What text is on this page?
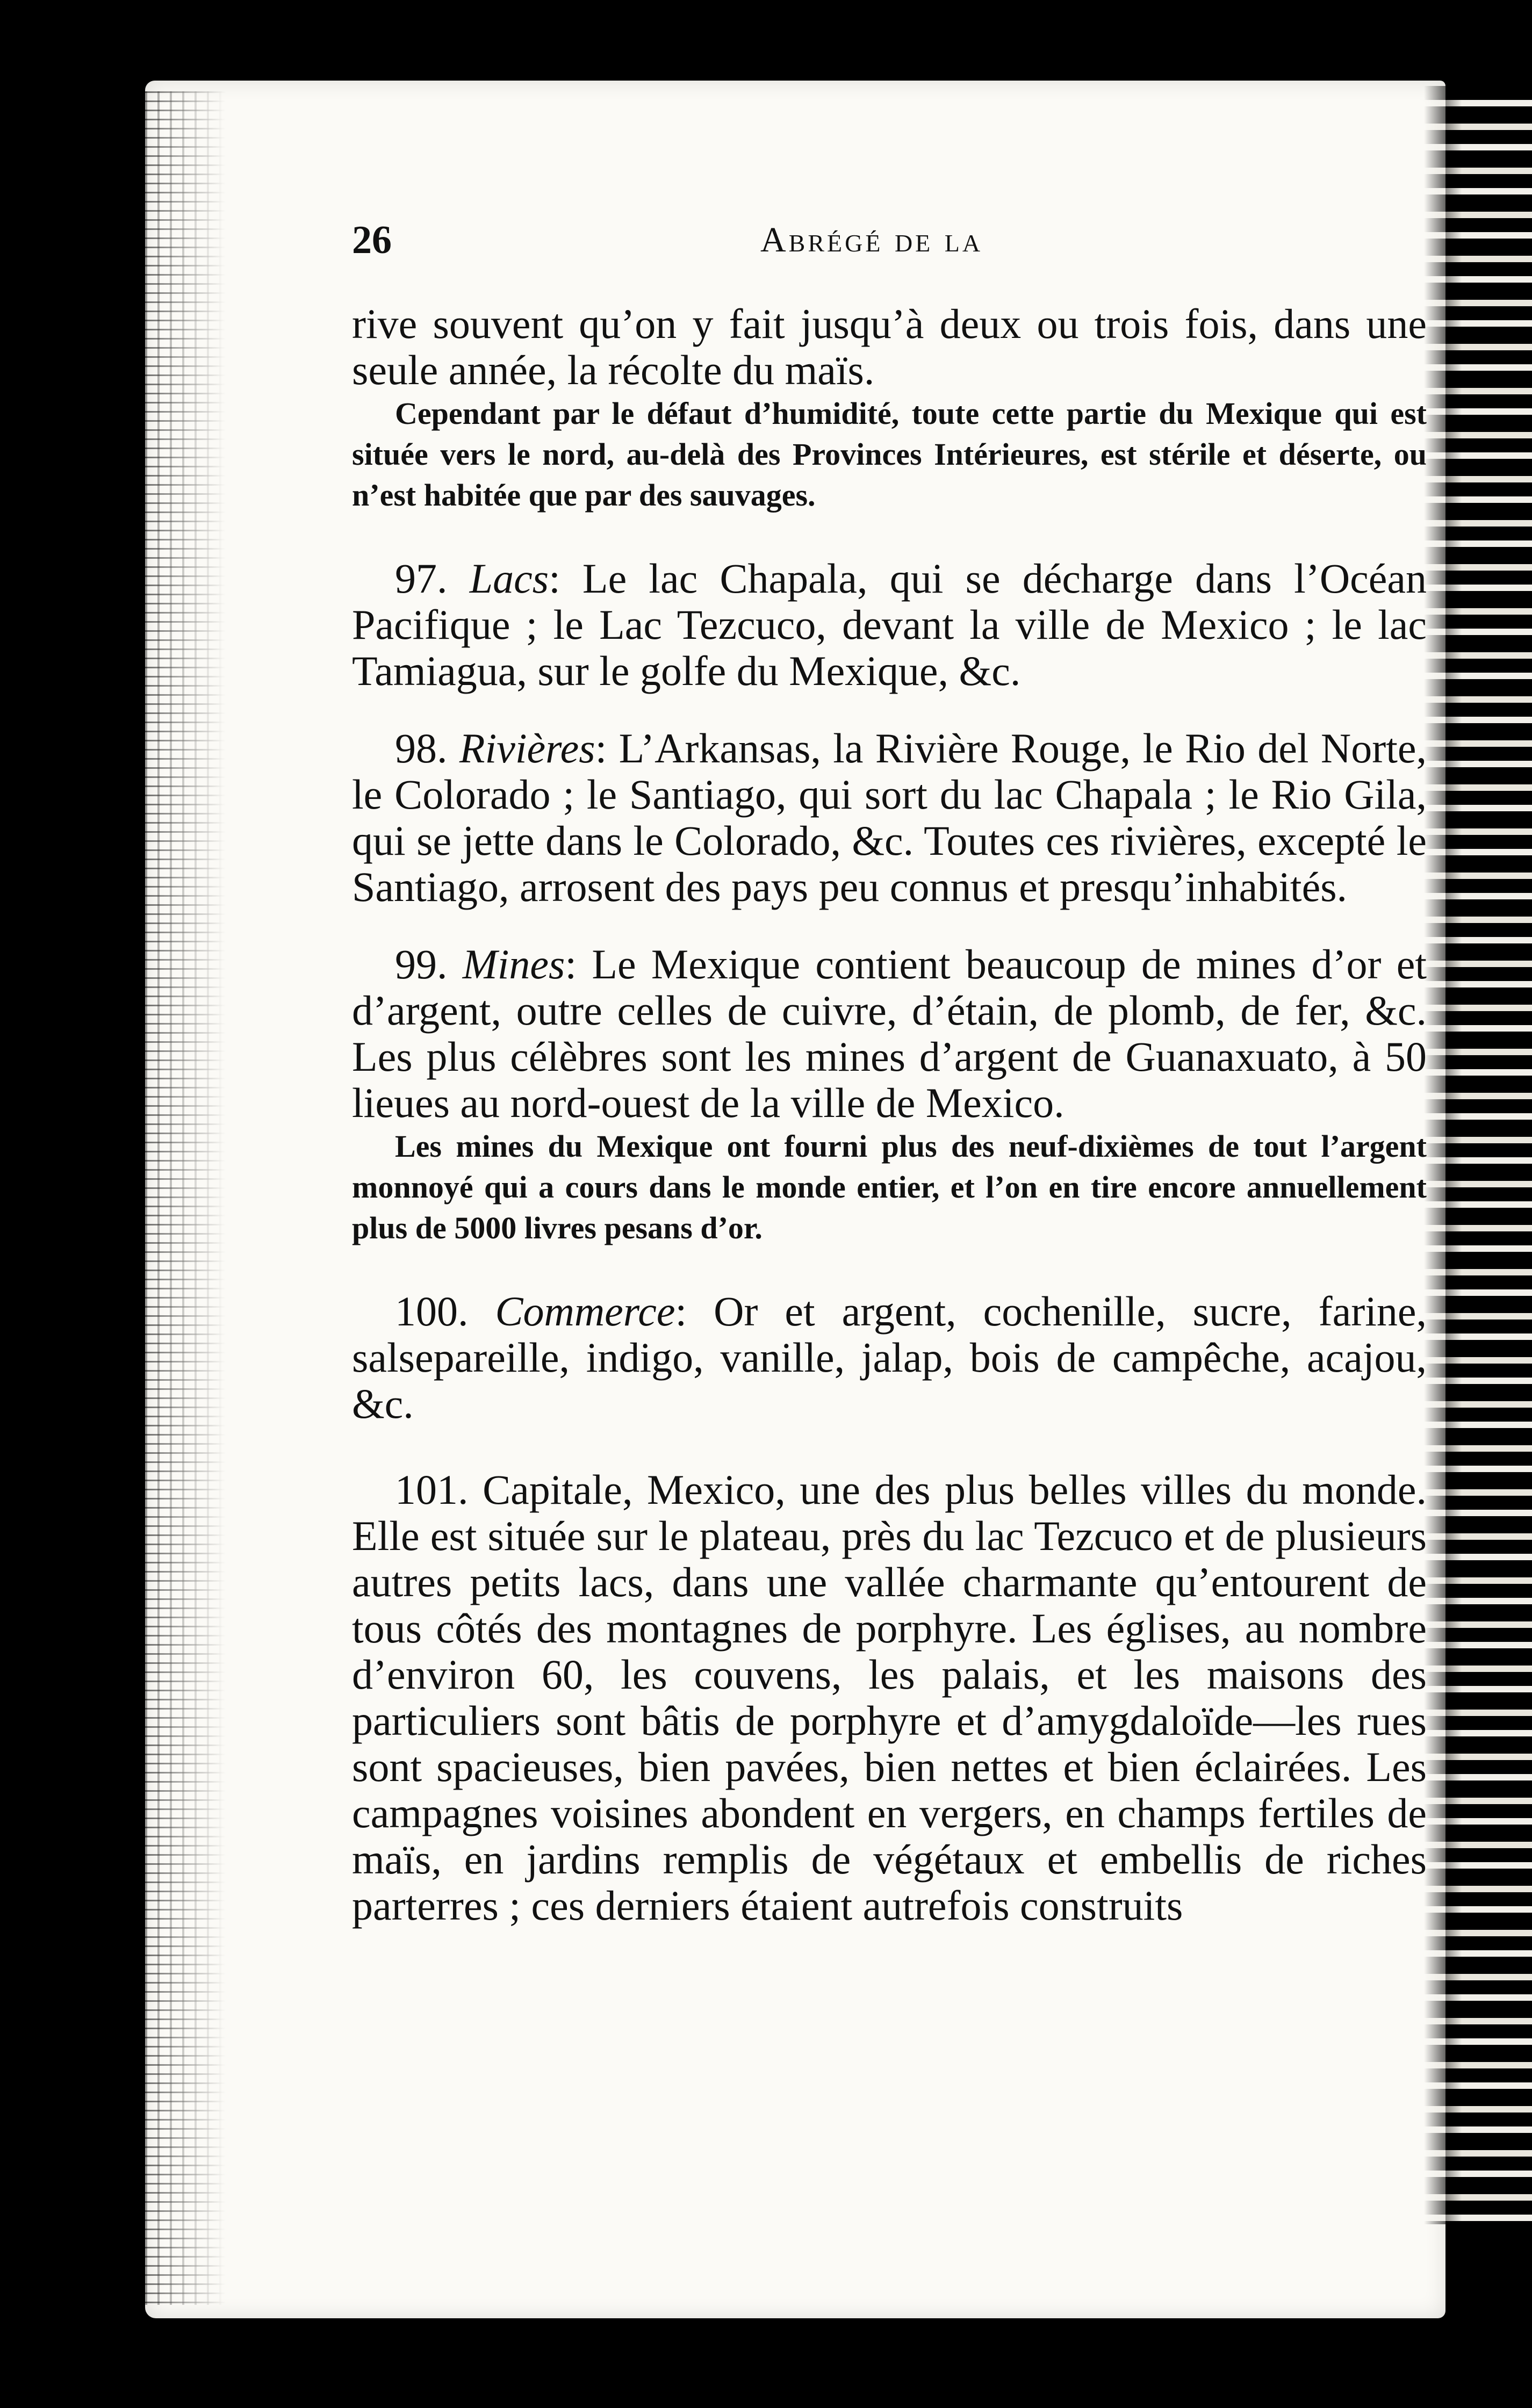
26	Abrégé de la

rive souvent qu’on y fait jusqu’à deux ou trois fois, dans une seule année, la récolte du maïs.

Cependant par le défaut d’humidité, toute cette partie du Mexique qui est située vers le nord, au-delà des Provinces Intérieures, est stérile et déserte, ou n’est habitée que par des sauvages.

97. Lacs: Le lac Chapala, qui se décharge dans l’Océan Pacifique ; le Lac Tezcuco, devant la ville de Mexico ; le lac Tamiagua, sur le golfe du Mexique, &c.

98. Rivières: L’Arkansas, la Rivière Rouge, le Rio del Norte, le Colorado ; le Santiago, qui sort du lac Chapala ; le Rio Gila, qui se jette dans le Colorado, &c. Toutes ces rivières, excepté le Santiago, arrosent des pays peu connus et presqu’inhabités.

99. Mines: Le Mexique contient beaucoup de mines d’or et d’argent, outre celles de cuivre, d’étain, de plomb, de fer, &c. Les plus célèbres sont les mines d’argent de Guanaxuato, à 50 lieues au nord-ouest de la ville de Mexico.

Les mines du Mexique ont fourni plus des neuf-dixièmes de tout l’argent monnoyé qui a cours dans le monde entier, et l’on en tire encore annuellement plus de 5000 livres pesans d’or.

100. Commerce: Or et argent, cochenille, sucre, farine, salsepareille, indigo, vanille, jalap, bois de campêche, acajou, &c.

101. Capitale, Mexico, une des plus belles villes du monde. Elle est située sur le plateau, près du lac Tezcuco et de plusieurs autres petits lacs, dans une vallée charmante qu’entourent de tous côtés des montagnes de porphyre. Les églises, au nombre d’environ 60, les couvens, les palais, et les maisons des particuliers sont bâtis de porphyre et d’amygdaloïde—les rues sont spacieuses, bien pavées, bien nettes et bien éclairées. Les campagnes voisines abondent en vergers, en champs fertiles de maïs, en jardins remplis de végétaux et embellis de riches parterres ; ces derniers étaient autrefois construits
